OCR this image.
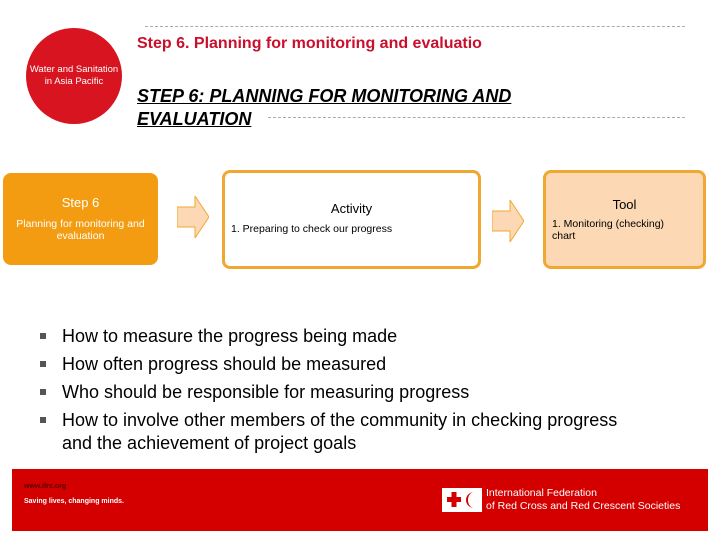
Water and Sanitation in Asia Pacific
Step 6. Planning for monitoring and evaluatio
STEP 6: PLANNING FOR MONITORING AND EVALUATION
Step 6
Planning for monitoring and evaluation
Activity
1. Preparing to check our progress
Tool
1. Monitoring (checking) chart
How to measure the progress being made
How often progress should be measured
Who should be responsible for measuring progress
How to involve other members of the community in checking progress and the achievement of project goals
www.ifrc.org
Saving lives, changing minds.
International Federation
of Red Cross and Red Crescent Societies
